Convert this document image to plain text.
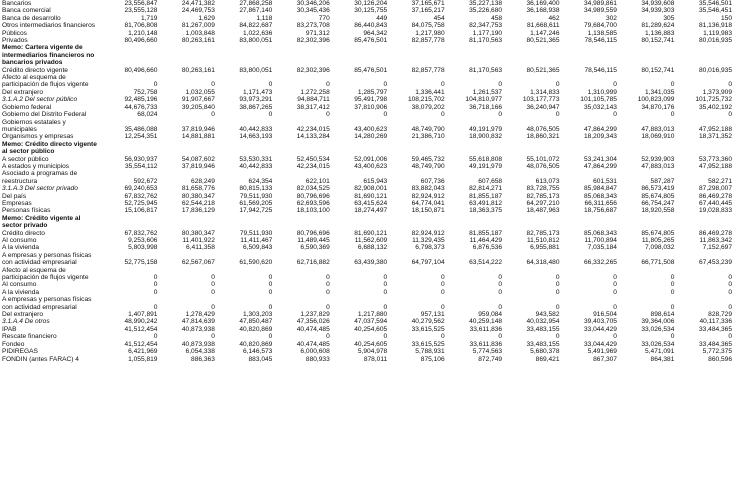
Bancarios	23,556,847	24,471,382	27,868,258	30,346,206	30,126,204	37,165,671	35,227,138	36,169,400	34,989,861	34,939,608	35,546,501
Banca comercial	23,555,128	24,469,753	27,867,140	30,345,436	30,125,755	37,165,217	35,226,680	36,168,938	34,989,559	34,939,303	35,546,451
Banca de desarrollo	1,719	1,629	1,118	770	449	454	458	462	302	305	150
Otros intermediarios financieros	81,706,808	81,267,009	84,822,687	83,273,708	86,440,843	84,075,758	82,347,753	81,668,611	79,684,700	81,289,624	81,136,918
Públicos	1,210,148	1,003,848	1,022,636	971,312	964,342	1,217,980	1,177,190	1,147,246	1,138,585	1,136,883	1,119,983
Privados	80,496,660	80,263,161	83,800,051	82,302,396	85,476,501	82,857,778	81,170,563	80,521,365	78,546,115	80,152,741	80,016,935
Memo: Cartera vigente de intermediarios financieros no bancarios privados											
Crédito directo vigente	80,496,660	80,263,161	83,800,051	82,302,396	85,476,501	82,857,778	81,170,563	80,521,365	78,546,115	80,152,741	80,016,935
Afecto al esquema de participación de flujos vigente	0	0	0	0	0	0	0	0	0	0	0
Del extranjero	752,758	1,032,055	1,171,473	1,272,258	1,285,797	1,336,441	1,261,537	1,314,833	1,310,999	1,341,035	1,373,909
3.1.A.2 Del sector público	92,485,196	91,907,667	93,973,291	94,884,711	95,491,798	108,215,702	104,810,977	103,177,773	101,105,785	100,823,099	101,725,732
Gobierno federal	44,676,733	39,205,840	38,867,265	38,317,412	37,810,906	38,079,202	36,718,166	36,240,947	35,032,143	34,870,176	35,402,192
Gobierno del Distrito Federal	68,024	0	0	0	0	0	0	0	0	0	0
Gobiernos estatales y municipales	35,486,088	37,819,946	40,442,833	42,234,015	43,400,623	48,749,790	49,191,979	48,076,505	47,864,299	47,883,013	47,952,188
Organismos y empresas	12,254,351	14,881,881	14,663,193	14,133,284	14,280,269	21,386,710	18,900,832	18,860,321	18,209,343	18,069,910	18,371,352
Memo: Crédito directo vigente al sector público											
A sector público	56,930,937	54,087,602	53,530,331	52,450,534	52,091,006	59,465,732	55,618,808	55,101,072	53,241,304	52,939,903	53,773,360
A estados y municipios	35,554,112	37,819,946	40,442,833	42,234,015	43,400,623	48,749,790	49,191,979	48,076,505	47,864,299	47,883,013	47,952,188
Asociado a programas de reestructura	592,672	628,249	624,354	622,101	615,943	607,736	607,658	613,073	601,531	587,287	582,271
3.1.A.3 Del sector privado	69,240,653	81,658,776	80,815,133	82,034,525	82,908,001	83,882,043	82,814,271	83,728,755	85,984,847	86,573,419	87,298,007
Del país	67,832,762	80,380,347	79,511,930	80,796,696	81,690,121	82,924,912	81,855,187	82,785,173	85,068,343	85,674,805	86,469,278
Empresas	52,725,945	62,544,218	61,569,205	62,693,596	63,415,624	64,774,041	63,491,812	64,297,210	66,311,656	66,754,247	67,440,445
Personas físicas	15,106,817	17,836,129	17,942,725	18,103,100	18,274,497	18,150,871	18,363,375	18,487,963	18,756,687	18,920,558	19,028,833
Memo: Crédito vigente al sector privado											
Crédito directo	67,832,762	80,380,347	79,511,930	80,796,696	81,690,121	82,924,912	81,855,187	82,785,173	85,068,343	85,674,805	86,469,278
Al consumo	9,253,606	11,401,922	11,411,467	11,489,445	11,562,609	11,329,435	11,464,429	11,510,812	11,700,894	11,805,265	11,863,342
A la vivienda	5,803,998	6,411,358	6,509,843	6,590,369	6,688,132	6,798,373	6,876,536	6,955,881	7,035,184	7,098,032	7,152,697
A empresas y personas físicas con actividad empresarial	52,775,158	62,567,067	61,590,620	62,716,882	63,439,380	64,797,104	63,514,222	64,318,480	66,332,265	66,771,508	67,453,239
Afecto al esquema de participación de flujos vigente	0	0	0	0	0	0	0	0	0	0	0
Al consumo	0	0	0	0	0	0	0	0	0	0	0
A la vivienda	0	0	0	0	0	0	0	0	0	0	0
A empresas y personas físicas con actividad empresarial	0	0	0	0	0	0	0	0	0	0	0
Del extranjero	1,407,891	1,278,429	1,303,203	1,237,829	1,217,880	957,131	959,084	943,582	916,504	898,614	828,729
3.1.A.4 De otros	48,990,242	47,814,639	47,850,487	47,356,026	47,037,594	40,279,562	40,259,148	40,032,954	39,403,705	39,364,006	40,117,336
IPAB	41,512,454	40,873,938	40,820,869	40,474,485	40,254,605	33,615,525	33,611,836	33,483,155	33,044,429	33,026,534	33,484,365
Rescate financiero	0	0	0	0	0	0	0	0	0	0	0
Fondeo	41,512,454	40,873,938	40,820,869	40,474,485	40,254,605	33,615,525	33,611,836	33,483,155	33,044,429	33,026,534	33,484,365
PIDIREGAS	6,421,969	6,054,338	6,146,573	6,000,608	5,904,978	5,788,931	5,774,563	5,680,378	5,491,969	5,471,091	5,772,375
FONDIN (antes FARAC) 4	1,055,819	886,363	883,045	880,933	878,011	875,106	872,749	869,421	867,307	864,381	860,596
